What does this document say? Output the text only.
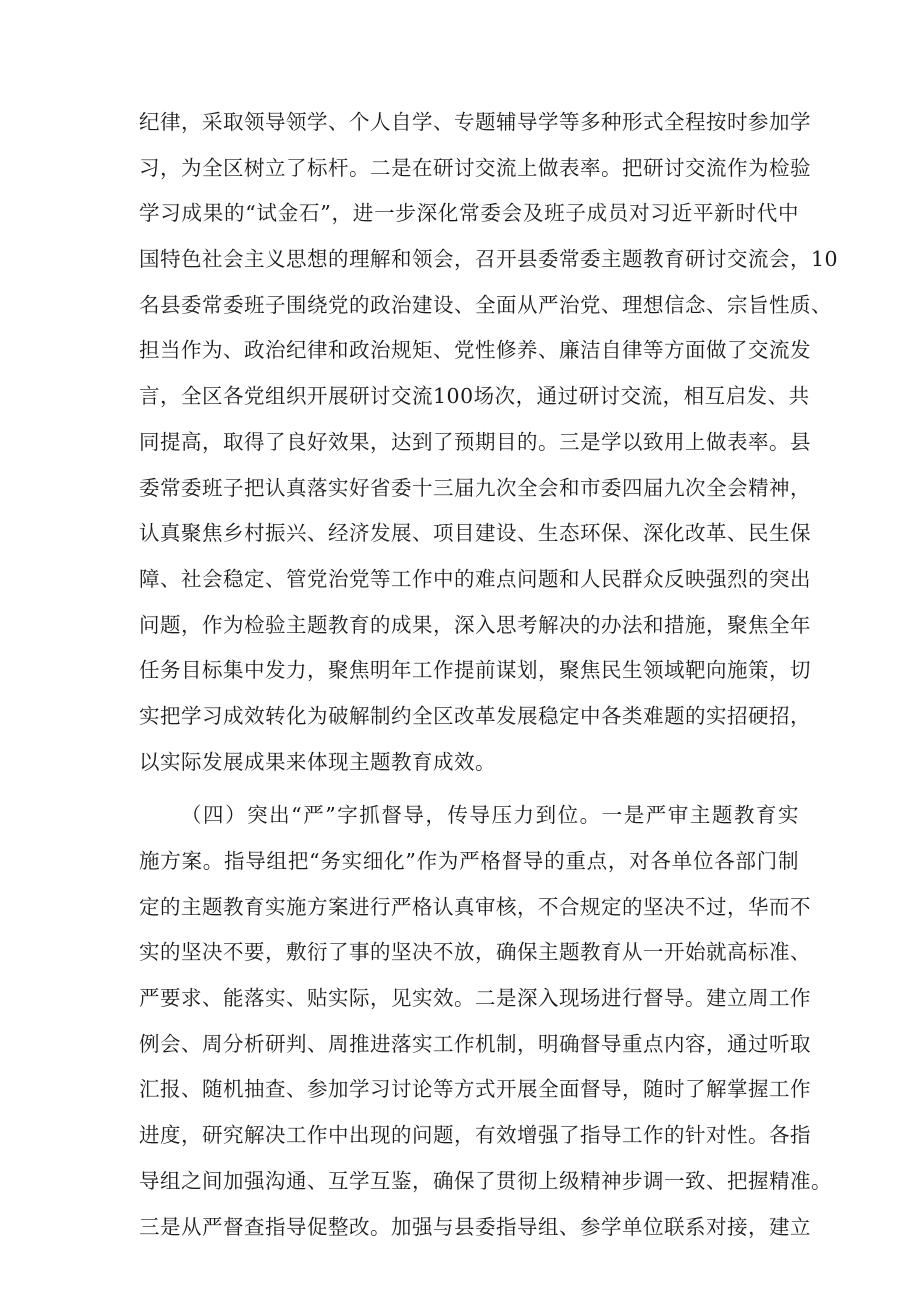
纪律，采取领导领学、个人自学、专题辅导学等多种形式全程按时参加学
习，为全区树立了标杆。二是在研讨交流上做表率。把研讨交流作为检验
学习成果的“试金石”，进一步深化常委会及班子成员对习近平新时代中
国特色社会主义思想的理解和领会，召开县委常委主题教育研讨交流会，10
名县委常委班子围绕党的政治建设、全面从严治党、理想信念、宗旨性质、
担当作为、政治纪律和政治规矩、党性修养、廉洁自律等方面做了交流发
言，全区各党组织开展研讨交流100场次，通过研讨交流，相互启发、共
同提高，取得了良好效果，达到了预期目的。三是学以致用上做表率。县
委常委班子把认真落实好省委十三届九次全会和市委四届九次全会精神，
认真聚焦乡村振兴、经济发展、项目建设、生态环保、深化改革、民生保
障、社会稳定、管党治党等工作中的难点问题和人民群众反映强烈的突出
问题，作为检验主题教育的成果，深入思考解决的办法和措施，聚焦全年
任务目标集中发力，聚焦明年工作提前谋划，聚焦民生领域靶向施策，切
实把学习成效转化为破解制约全区改革发展稳定中各类难题的实招硬招，
以实际发展成果来体现主题教育成效。
（四）突出“严”字抓督导，传导压力到位。一是严审主题教育实
施方案。指导组把“务实细化”作为严格督导的重点，对各单位各部门制
定的主题教育实施方案进行严格认真审核，不合规定的坚决不过，华而不
实的坚决不要，敷衍了事的坚决不放，确保主题教育从一开始就高标准、
严要求、能落实、贴实际，见实效。二是深入现场进行督导。建立周工作
例会、周分析研判、周推进落实工作机制，明确督导重点内容，通过听取
汇报、随机抽查、参加学习讨论等方式开展全面督导，随时了解掌握工作
进度，研究解决工作中出现的问题，有效增强了指导工作的针对性。各指
导组之间加强沟通、互学互鉴，确保了贯彻上级精神步调一致、把握精准。
三是从严督查指导促整改。加强与县委指导组、参学单位联系对接，建立
